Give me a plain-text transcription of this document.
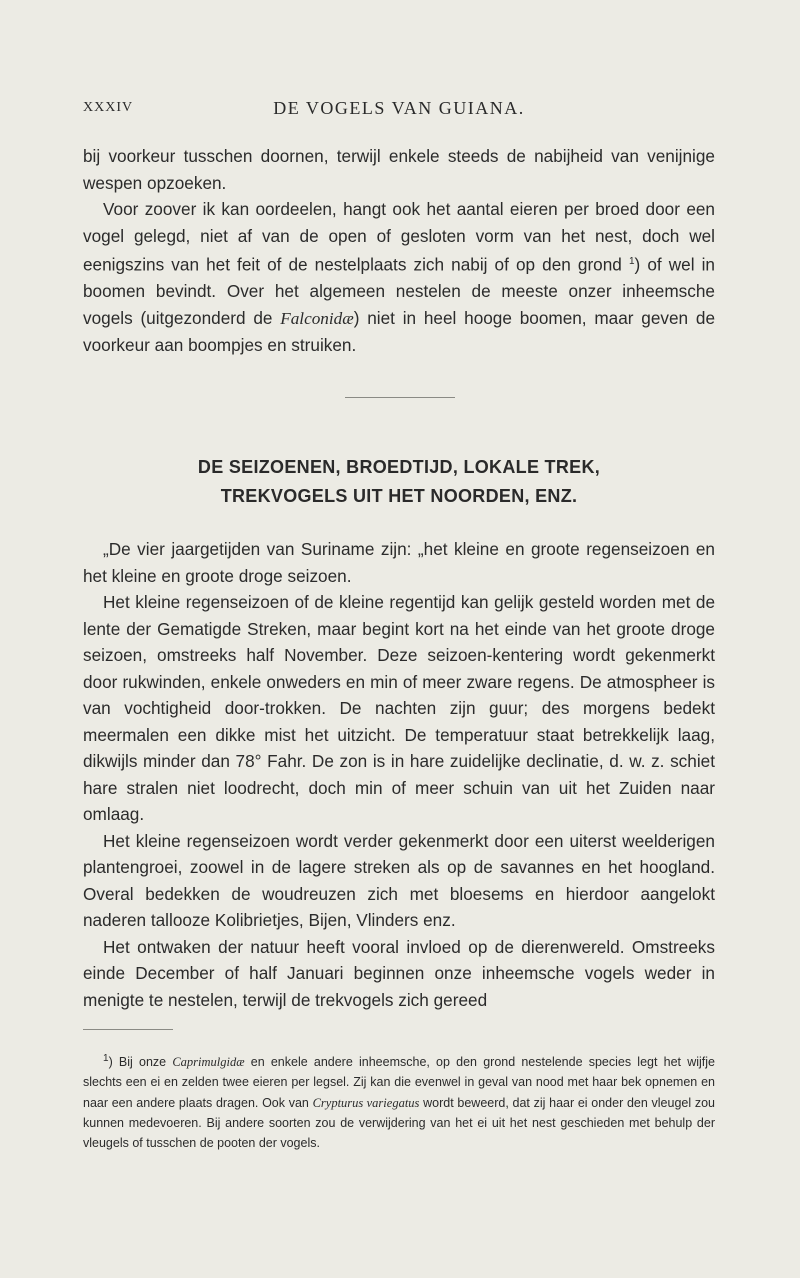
XXXIV	DE VOGELS VAN GUIANA.

bij voorkeur tusschen doornen, terwijl enkele steeds de nabijheid van venijnige wespen opzoeken.

Voor zoover ik kan oordeelen, hangt ook het aantal eieren per broed door een vogel gelegd, niet af van de open of gesloten vorm van het nest, doch wel eenigszins van het feit of de nestelplaats zich nabij of op den grond $^1$) of wel in boomen bevindt. Over het algemeen nestelen de meeste onzer inheemsche vogels (uitgezonderd de Falconidæ) niet in heel hooge boomen, maar geven de voorkeur aan boompjes en struiken.

DE SEIZOENEN, BROEDTIJD, LOKALE TREK,
TREKVOGELS UIT HET NOORDEN, ENZ.

„De vier jaargetijden van Suriname zijn: „het kleine en groote regenseizoen en het kleine en groote droge seizoen.

Het kleine regenseizoen of de kleine regentijd kan gelijk gesteld worden met de lente der Gematigde Streken, maar begint kort na het einde van het groote droge seizoen, omstreeks half November. Deze seizoen-kentering wordt gekenmerkt door rukwinden, enkele onweders en min of meer zware regens. De atmospheer is van vochtigheid door-trokken. De nachten zijn guur; des morgens bedekt meermalen een dikke mist het uitzicht. De temperatuur staat betrekkelijk laag, dikwijls minder dan 78° Fahr. De zon is in hare zuidelijke declinatie, d. w. z. schiet hare stralen niet loodrecht, doch min of meer schuin van uit het Zuiden naar omlaag.

Het kleine regenseizoen wordt verder gekenmerkt door een uiterst weelderigen plantengroei, zoowel in de lagere streken als op de savannes en het hoogland. Overal bedekken de woudreuzen zich met bloesems en hierdoor aangelokt naderen tallooze Kolibrietjes, Bijen, Vlinders enz.

Het ontwaken der natuur heeft vooral invloed op de dierenwereld. Omstreeks einde December of half Januari beginnen onze inheemsche vogels weder in menigte te nestelen, terwijl de trekvogels zich gereed

$^1$) Bij onze Caprimulgidæ en enkele andere inheemsche, op den grond nestelende species legt het wijfje slechts een ei en zelden twee eieren per legsel. Zij kan die evenwel in geval van nood met haar bek opnemen en naar een andere plaats dragen. Ook van Crypturus variegatus wordt beweerd, dat zij haar ei onder den vleugel zou kunnen medevoeren. Bij andere soorten zou de verwijdering van het ei uit het nest geschieden met behulp der vleugels of tusschen de pooten der vogels.
